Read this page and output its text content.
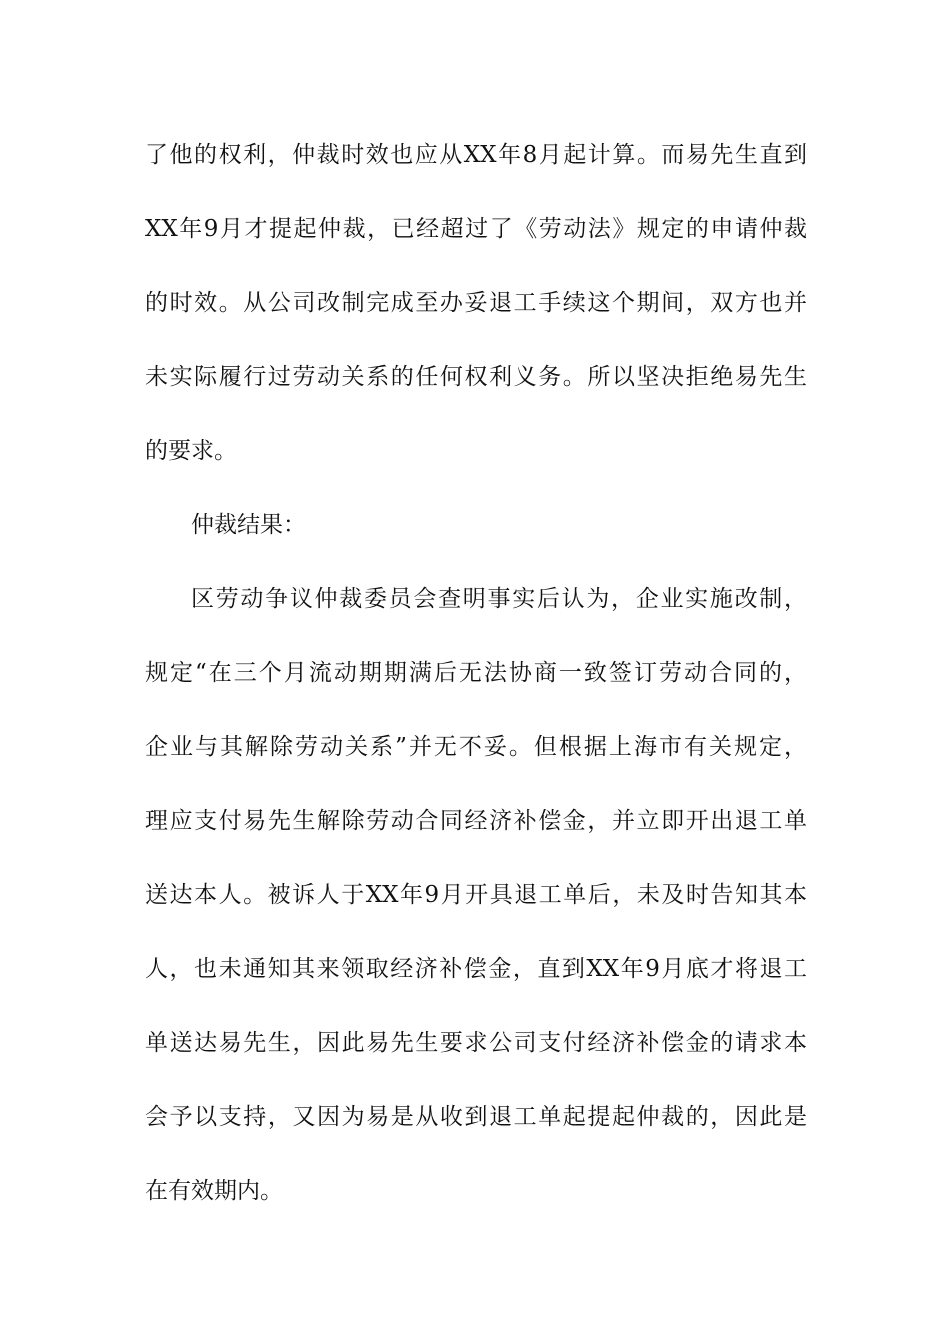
了他的权利，仲裁时效也应从XX年8月起计算。而易先生直到
XX年9月才提起仲裁，已经超过了《劳动法》规定的申请仲裁
的时效。从公司改制完成至办妥退工手续这个期间，双方也并
未实际履行过劳动关系的任何权利义务。所以坚决拒绝易先生
的要求。
仲裁结果：
区劳动争议仲裁委员会查明事实后认为，企业实施改制，
规定“在三个月流动期期满后无法协商一致签订劳动合同的，
企业与其解除劳动关系”并无不妥。但根据上海市有关规定，
理应支付易先生解除劳动合同经济补偿金，并立即开出退工单
送达本人。被诉人于XX年9月开具退工单后，未及时告知其本
人，也未通知其来领取经济补偿金，直到XX年9月底才将退工
单送达易先生，因此易先生要求公司支付经济补偿金的请求本
会予以支持，又因为易是从收到退工单起提起仲裁的，因此是
在有效期内。
